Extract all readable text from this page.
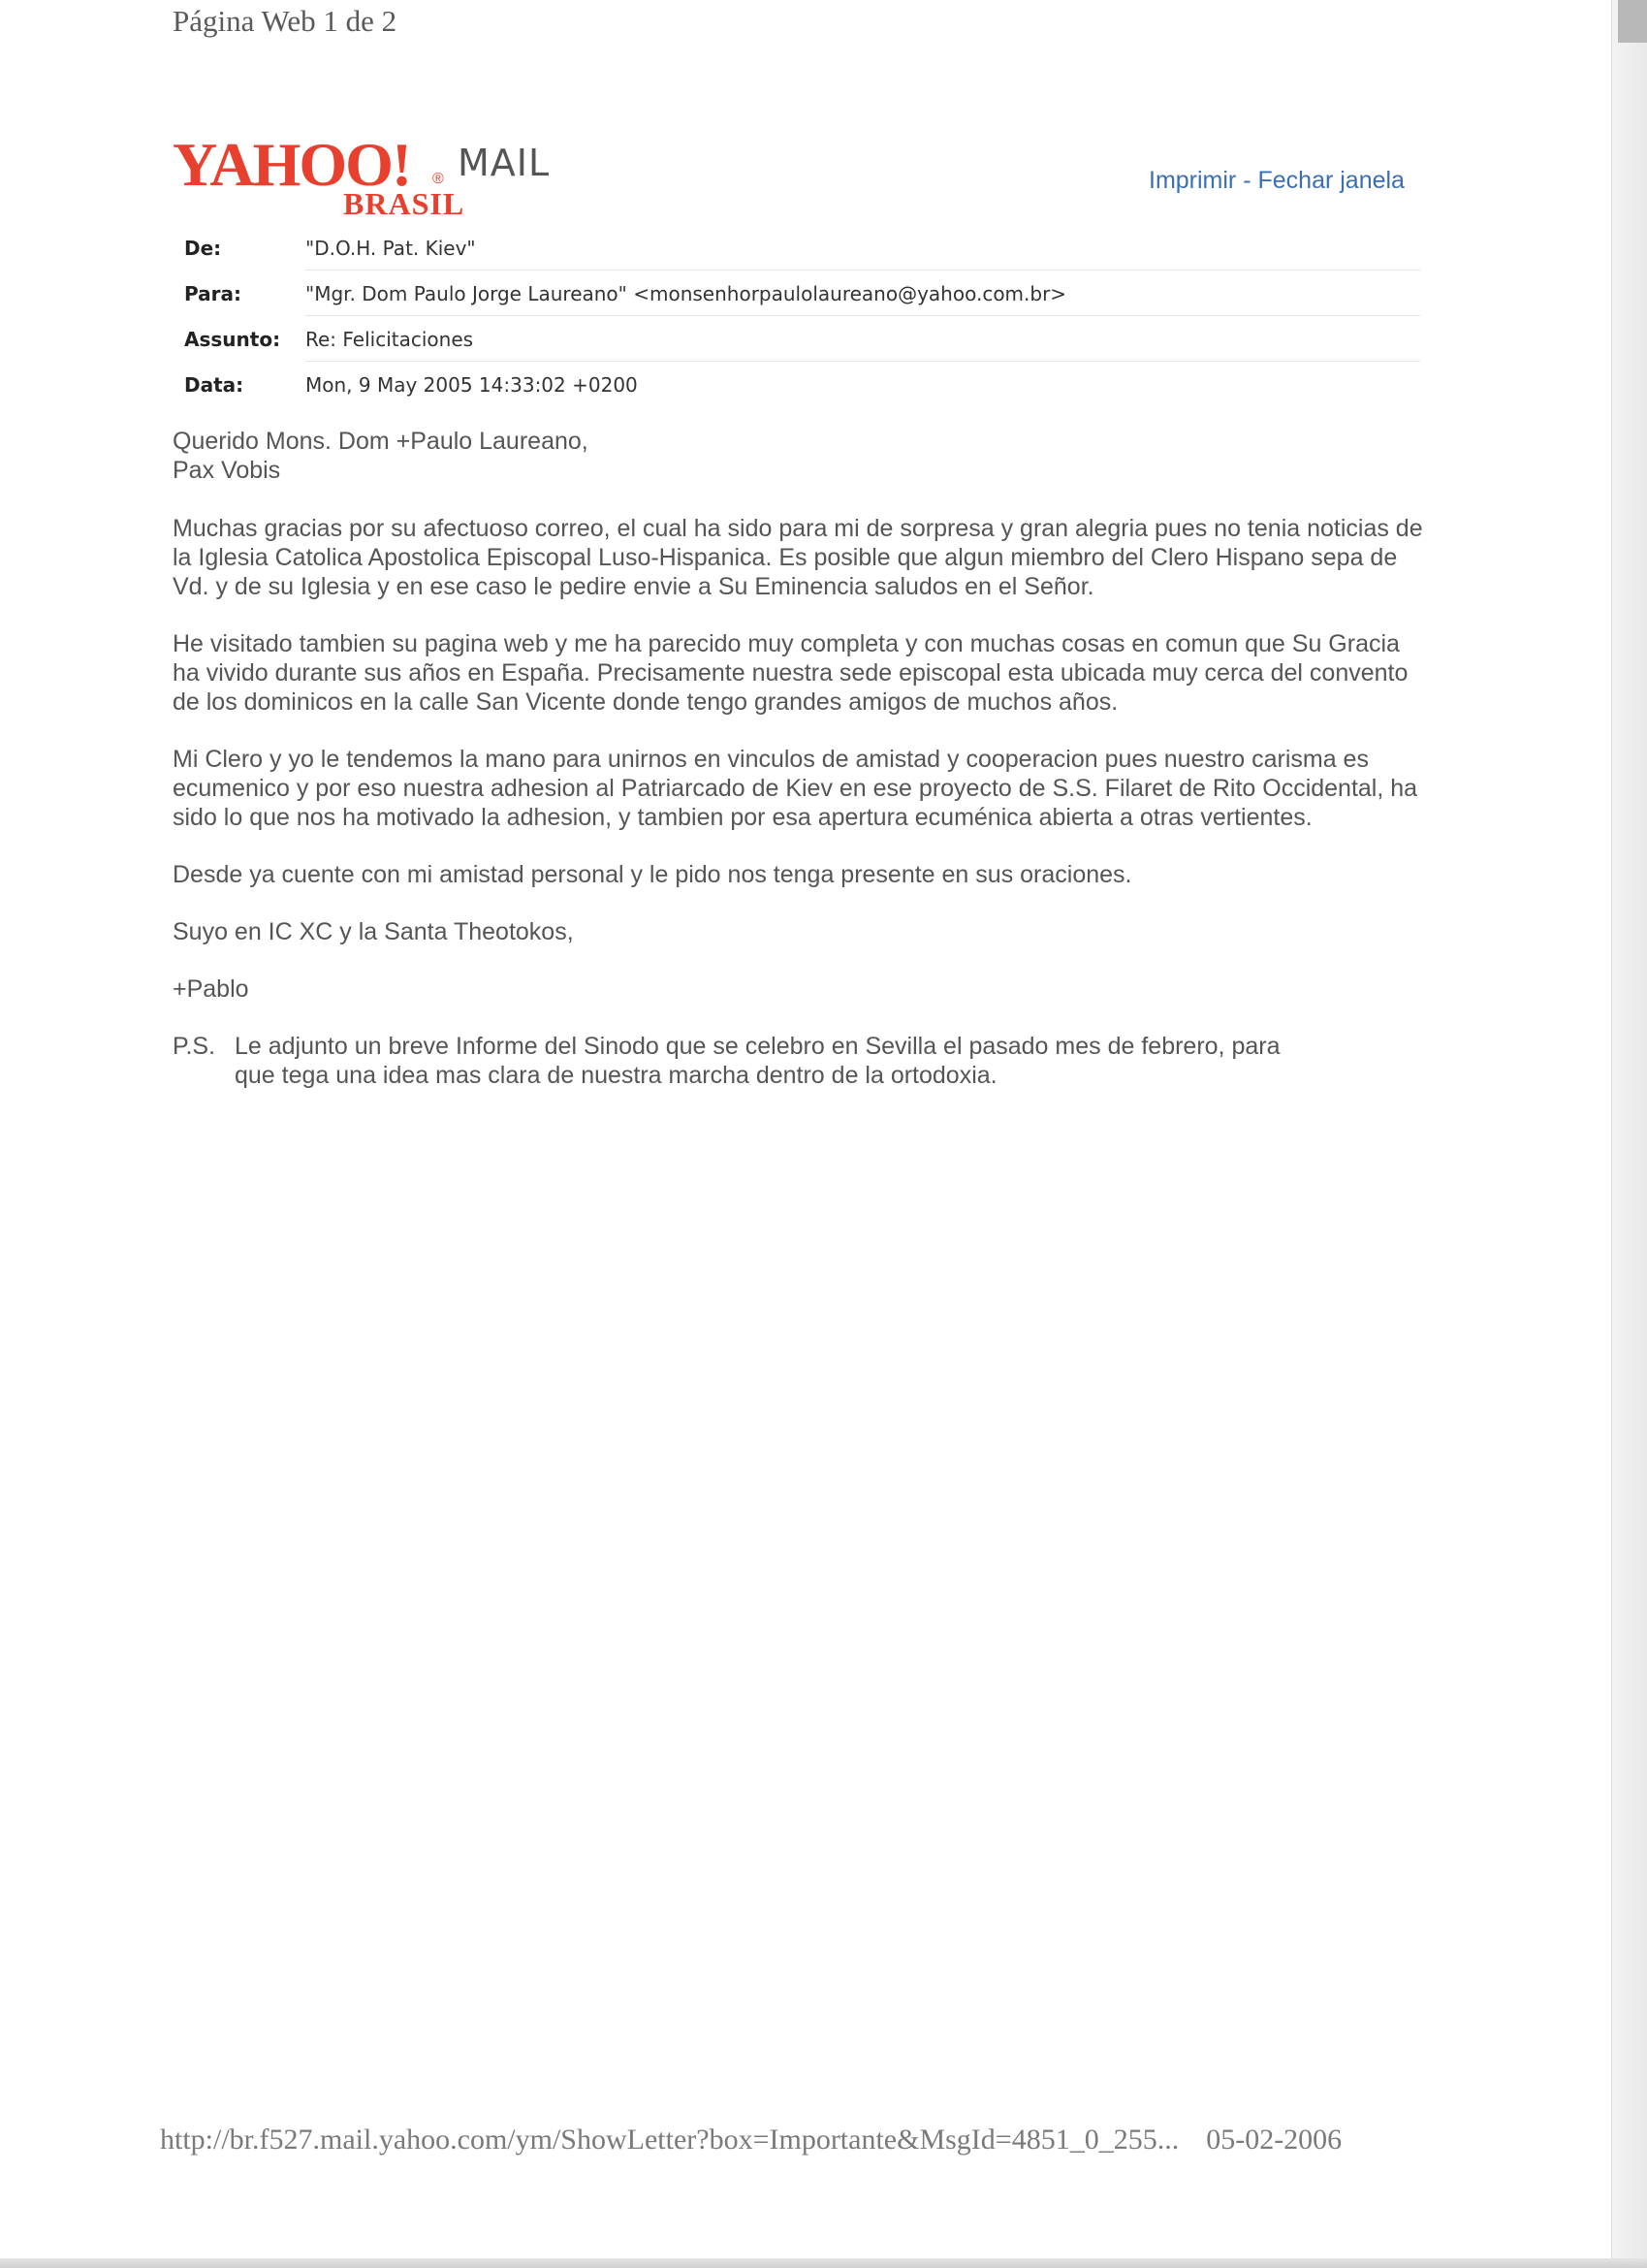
Página Web 1 de 2
YAHOO! ® MAIL
BRASIL
Imprimir - Fechar janela
De:	"D.O.H. Pat. Kiev"
Para:	"Mgr. Dom Paulo Jorge Laureano" <monsenhorpaulolaureano@yahoo.com.br>
Assunto: Re: Felicitaciones
Data:	Mon, 9 May 2005 14:33:02 +0200

Querido Mons. Dom +Paulo Laureano,
Pax Vobis

Muchas gracias por su afectuoso correo, el cual ha sido para mi de sorpresa y gran alegria pues no tenia noticias de la Iglesia Catolica Apostolica Episcopal Luso-Hispanica. Es posible que algun miembro del Clero Hispano sepa de Vd. y de su Iglesia y en ese caso le pedire envie a Su Eminencia saludos en el Señor.

He visitado tambien su pagina web y me ha parecido muy completa y con muchas cosas en comun que Su Gracia ha vivido durante sus años en España. Precisamente nuestra sede episcopal esta ubicada muy cerca del convento de los dominicos en la calle San Vicente donde tengo grandes amigos de muchos años.

Mi Clero y yo le tendemos la mano para unirnos en vinculos de amistad y cooperacion pues nuestro carisma es ecumenico y por eso nuestra adhesion al Patriarcado de Kiev en ese proyecto de S.S. Filaret de Rito Occidental, ha sido lo que nos ha motivado la adhesion, y tambien por esa apertura ecuménica abierta a otras vertientes.

Desde ya cuente con mi amistad personal y le pido nos tenga presente en sus oraciones.

Suyo en IC XC y la Santa Theotokos,

+Pablo

P.S. Le adjunto un breve Informe del Sinodo que se celebro en Sevilla el pasado mes de febrero, para que tega una idea mas clara de nuestra marcha dentro de la ortodoxia.
http://br.f527.mail.yahoo.com/ym/ShowLetter?box=Importante&MsgId=4851_0_255... 05-02-2006
